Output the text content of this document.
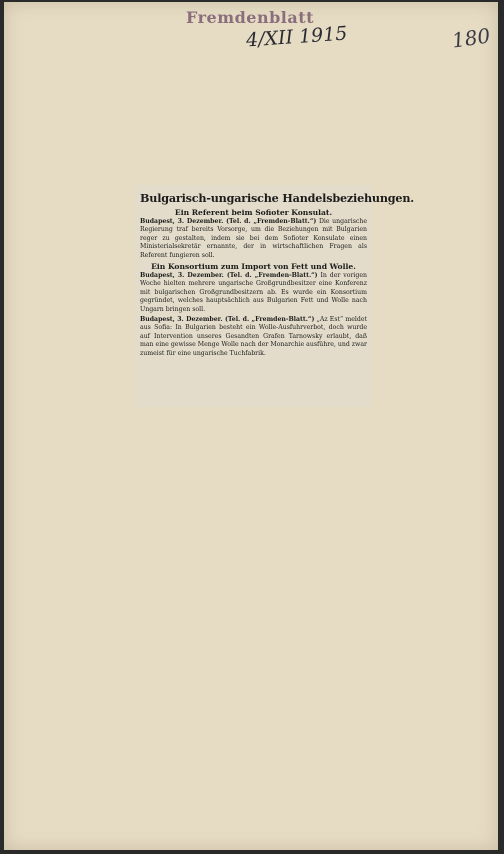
Fremdenblatt
4/XII 1915	180
Bulgarisch-ungarische Handelsbeziehungen.
Ein Referent beim Sofioter Konsulat.

Budapest, 3. Dezember. (Tel. d. „Fremden-Blatt.“) Die ungarische Regierung traf bereits Vorsorge, um die Beziehungen mit Bulgarien reger zu gestalten, indem sie bei dem Sofioter Konsulate einen Ministerialsekretär ernannte, der in wirtschaftlichen Fragen als Referent fungieren soll.

Ein Konsortium zum Import von Fett und Wolle.

Budapest, 3. Dezember. (Tel. d. „Fremden-Blatt.“) In der vorigen Woche hielten mehrere ungarische Großgrundbesitzer eine Konferenz mit bulgarischen Großgrundbesitzern ab. Es wurde ein Konsortium gegründet, welches hauptsächlich aus Bulgarien Fett und Wolle nach Ungarn bringen soll.

Budapest, 3. Dezember. (Tel. d. „Fremden-Blatt.“) „Az Est“ meldet aus Sofia: In Bulgarien besteht ein Wolle-Ausfuhrverbot, doch wurde auf Intervention unseres Gesandten Grafen Tarnowsky erlaubt, daß man eine gewisse Menge Wolle nach der Monarchie ausführe, und zwar zumeist für eine ungarische Tuchfabrik.
